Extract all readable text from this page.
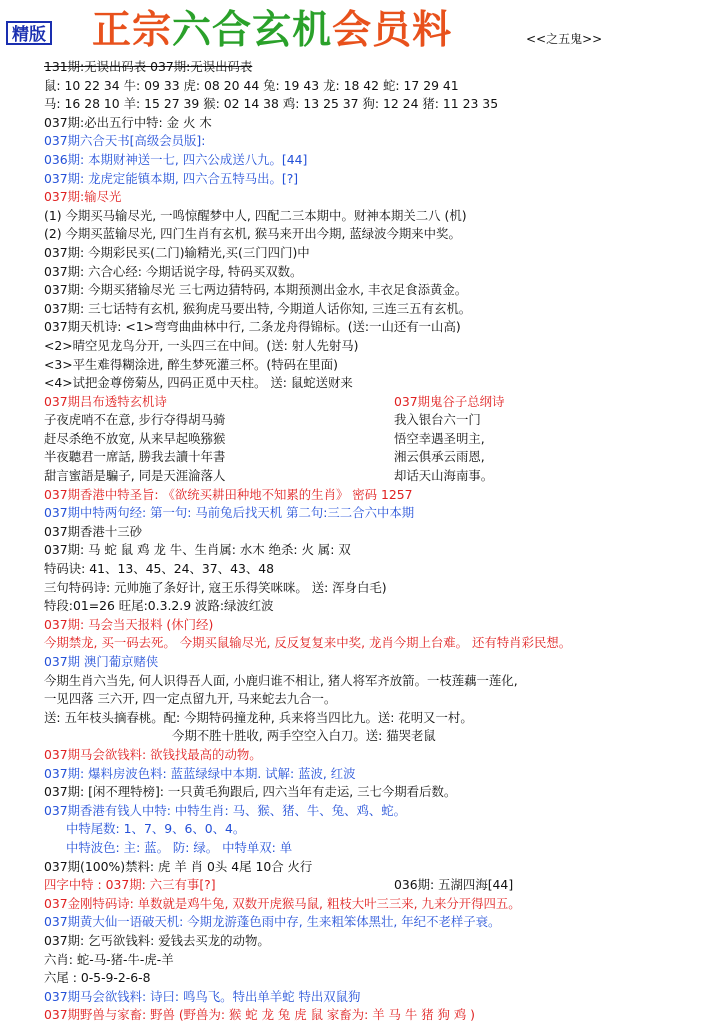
精版 正宗六合玄机会员料	<<之五鬼>>
131期:无误出码表 037期:无误出码表
鼠: 10 22 34 牛: 09 33 虎: 08 20 44 兔: 19 43 龙: 18 42 蛇: 17 29 41
马: 16 28 10 羊: 15 27 39 猴: 02 14 38 鸡: 13 25 37 狗: 12 24 猪: 11 23 35
037期:必出五行中特: 金 火 木
037期六合天书[高级会员版]:
036期: 本期财神送一七, 四六公成送八九。[44]
037期: 龙虎定能镇本期, 四六合五特马出。[?]
037期:输尽光
(1) 今期买马输尽光, 一鸣惊醒梦中人, 四配二三本期中。财神本期关二八 (机)
(2) 今期买蓝输尽光, 四门生肖有玄机, 猴马来开出今期, 蓝绿波今期来中奖。
037期: 今期彩民买(二门)输精光,买(三门四门)中
037期: 六合心经: 今期话说字母, 特码买双数。
037期: 今期买猪输尽光 三七两边猜特码, 本期预测出金水, 丰衣足食添黄金。
037期: 三七话特有玄机, 猴狗虎马要出特, 今期道人话你知, 三连三五有玄机。
037期天机诗: <1>弯弯曲曲林中行, 二条龙舟得锦标。(送:一山还有一山高)
<2>晴空见龙鸟分开, 一头四三在中间。(送: 射人先射马)
<3>平生难得糊涂进, 醉生梦死灌三杯。(特码在里面)
<4>试把金尊傍菊丛, 四码正觅中天柱。 送: 鼠蛇送财来
037期吕布透特玄机诗	037期鬼谷子总纲诗
子夜虎哨不在意, 步行夺得胡马骑	我入银台六一门
赶尽杀绝不放宽, 从来早起唤猕猴	悟空幸遇圣明主,
半夜聽君一席話, 勝我去讀十年書	湘云俱承云雨恩,
甜言蜜語是騙子, 同是天涯淪落人	却话天山海南事。
037期香港中特圣旨: 《欲统买耕田种地不知累的生肖》 密码 1257
037期中特两句经: 第一句: 马前兔后找天机 第二句:三二合六中本期
037期香港十三砂
037期: 马 蛇 鼠 鸡 龙 牛、生肖属: 水木 绝杀: 火 属: 双
特码诀: 41、13、45、24、37、43、48
三句特码诗: 元帅施了条好计, 寇王乐得笑咪咪。 送: 浑身白毛)
特段:01=26 旺尾:0.3.2.9 波路:绿波红波
037期: 马会当天报料 (休门经)
今期禁龙, 买一码去死。 今期买鼠输尽光, 反反复复来中奖, 龙肖今期上台难。 还有特肖彩民想。
037期 澳门葡京赌侠
今期生肖六当先, 何人识得吾人面, 小鹿归谁不相让, 猪人将军齐放箭。一枝莲藕一莲化,
一见四落 三六开, 四一定点留九开, 马来蛇去九合一。
送: 五年枝头摘春桃。配: 今期特码撞龙种, 兵来将当四比九。送: 花明又一村。
今期不胜十胜收, 两手空空入白刀。送: 猫哭老鼠
037期马会欲钱料: 欲钱找最高的动物。
037期: 爆料房波色料: 蓝蓝绿绿中本期. 试解: 蓝波, 红波
037期: [闲不理特榜]: 一只黄毛狗跟后, 四六当年有走运, 三七今期看后数。
037期香港有钱人中特: 中特生肖: 马、猴、猪、牛、兔、鸡、蛇。
中特尾数: 1、7、9、6、0、4。
中特波色: 主: 蓝。 防: 绿。 中特单双: 单
037期(100%)禁料: 虎 羊 肖 0头 4尾 10合 火行
四字中特 : 037期: 六三有事[?]	036期: 五湖四海[44]
037金刚特码诗: 单数就是鸡牛兔, 双数开虎猴马鼠, 粗枝大叶三三来, 九来分开得四五。
037期黄大仙一语破天机: 今期龙游蓬色雨中存, 生来粗笨体黑壮, 年纪不老样子衰。
037期: 乞丐欲钱料: 爱钱去买龙的动物。
六肖: 蛇-马-猪-牛-虎-羊
六尾 : 0-5-9-2-6-8
037期马会欲钱料: 诗曰: 鸣鸟飞。特出单羊蛇 特出双鼠狗
037期野兽与家畜: 野兽 (野兽为: 猴 蛇 龙 兔 虎 鼠 家畜为: 羊 马 牛 猪 狗 鸡 )
